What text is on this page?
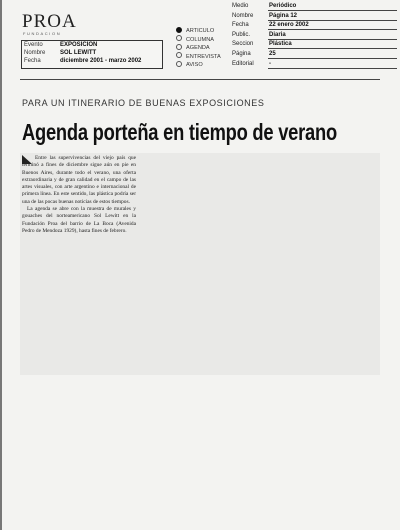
PROA
FUNDACION
Evento	EXPOSICION
Nombre SOL LEWITT
Fecha	diciembre 2001 - marzo 2002
ARTICULO
COLUMNA
AGENDA
ENTREVISTA
AVISO
Medio	Periódico
Nombre	Página 12
Fecha	22 enero 2002
Public.	Diaria
Seccion	Plástica
Página	25
Editorial	-
PARA UN ITINERARIO DE BUENAS EXPOSICIONES
Agenda porteña en tiempo de verano

Entre las supervivencias del viejo país que terminó a fines de diciembre sigue aún en pie en Buenos Aires, durante todo el verano, una oferta extraordinaria y de gran calidad en el campo de las artes visuales, con arte argentino e internacional de primera línea. En este sentido, las plástica podría ser una de las pocas buenas noticias de estos tiempos.

La agenda se abre con la muestra de murales y gouaches del norteamericano Sol Lewitt en la Fundación Proa del barrio de La Boca (Avenida Pedro de Mendoza 1929), hasta fines de febrero.
